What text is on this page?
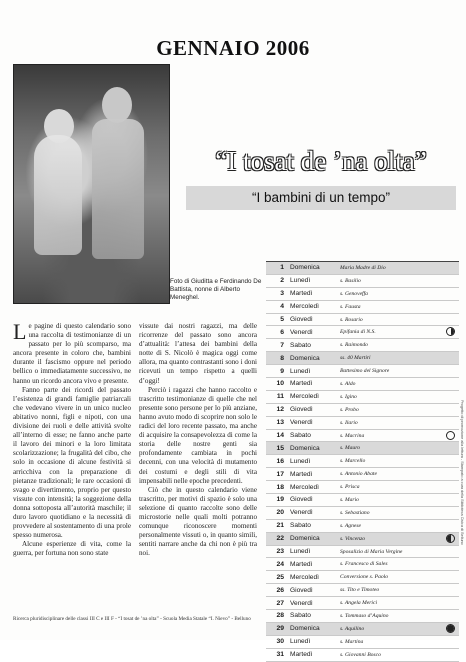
GENNAIO 2006
Foto di Giuditta e Ferdinando De Battista, nonne di Alberto Meneghel.
“I tosat de ’na olta”
“I bambini di un tempo”
1 Domenica	Maria Madre di Dio
2 Lunedì	s. Basilio
3 Martedì	s. Genoveffa
4 Mercoledì	s. Fausta
5 Giovedì	s. Rosario
6 Venerdì	Epifania di N.S.
7 Sabato	s. Raimondo
8 Domenica	ss. 40 Martiri
9 Lunedì	Battesimo del Signore
10 Martedì	s. Aldo
11 Mercoledì	s. Igino
12 Giovedì	s. Probo
13 Venerdì	s. Ilario
14 Sabato	s. Macrina
15 Domenica	s. Mauro
16 Lunedì	s. Marcello
17 Martedì	s. Antonio Abate
18 Mercoledì	s. Prisca
19 Giovedì	s. Mario
20 Venerdì	s. Sebastiano
21 Sabato	s. Agnese
22 Domenica	s. Vincenzo
23 Lunedì	Sposalizio di Maria Vergine
24 Martedì	s. Francesco di Sales
25 Mercoledì	Conversione s. Paolo
26 Giovedì	ss. Tito e Timoteo
27 Venerdì	s. Angela Merici
28 Sabato	s. Tommaso d’Aquino
29 Domenica	s. Aquilino
30 Lunedì	s. Martina
31 Martedì	s. Giovanni Bosco

Le pagine di questo calendario sono una raccolta di testimonianze di un passato per lo più scomparso, ma ancora presente in coloro che, bambini durante il fascismo oppure nel periodo bellico o immediatamente successivo, ne hanno un ricordo ancora vivo e presente.

Fanno parte dei ricordi del passato l’esistenza di grandi famiglie patriarcali che vedevano vivere in un unico nucleo abitativo nonni, figli e nipoti, con una divisione dei ruoli e delle attività svolte all’interno di esse; ne fanno anche parte il lavoro dei minori e la loro limitata scolarizzazione; la frugalità del cibo, che solo in occasione di alcune festività si arricchiva con la preparazione di pietanze tradizionali; le rare occasioni di svago e divertimento, proprio per questo vissute con intensità; la soggezione della donna sottoposta all’autorità maschile; il duro lavoro quotidiano e la necessità di provvedere al sostentamento di una prole spesso numerosa.

Alcune esperienze di vita, come la guerra, per fortuna non sono state

vissute dai nostri ragazzi, ma delle ricorrenze del passato sono ancora d’attualità: l’attesa dei bambini della notte di S. Nicolò è magica oggi come allora, ma quanto contrastanti sono i doni ricevuti un tempo rispetto a quelli d’oggi!

Perciò i ragazzi che hanno raccolto e trascritto testimonianze di quelle che nel presente sono persone per lo più anziane, hanno avuto modo di scoprire non solo le radici del loro recente passato, ma anche di acquisire la consapevolezza di come la storia delle nostre genti sia profondamente cambiata in pochi decenni, con una velocità di mutamento dei costumi e degli stili di vita impensabili nelle epoche precedenti.

Ciò che in questo calendario viene trascritto, per motivi di spazio è solo una selezione di quanto raccolte sono delle microstorie nelle quali molti potranno comunque riconoscere momenti personalmente vissuti o, in quanto simili, sentiti narrare anche da chi non è più tra noi.

Ricerca pluridisciplinare delle classi III C e III F - “I tosat de ’na olta” - Scuola Media Statale “I. Nievo” - Belluno
Progetto di promozione alla lettura - Stampato a cura della Biblioteca Civica di Belluno
